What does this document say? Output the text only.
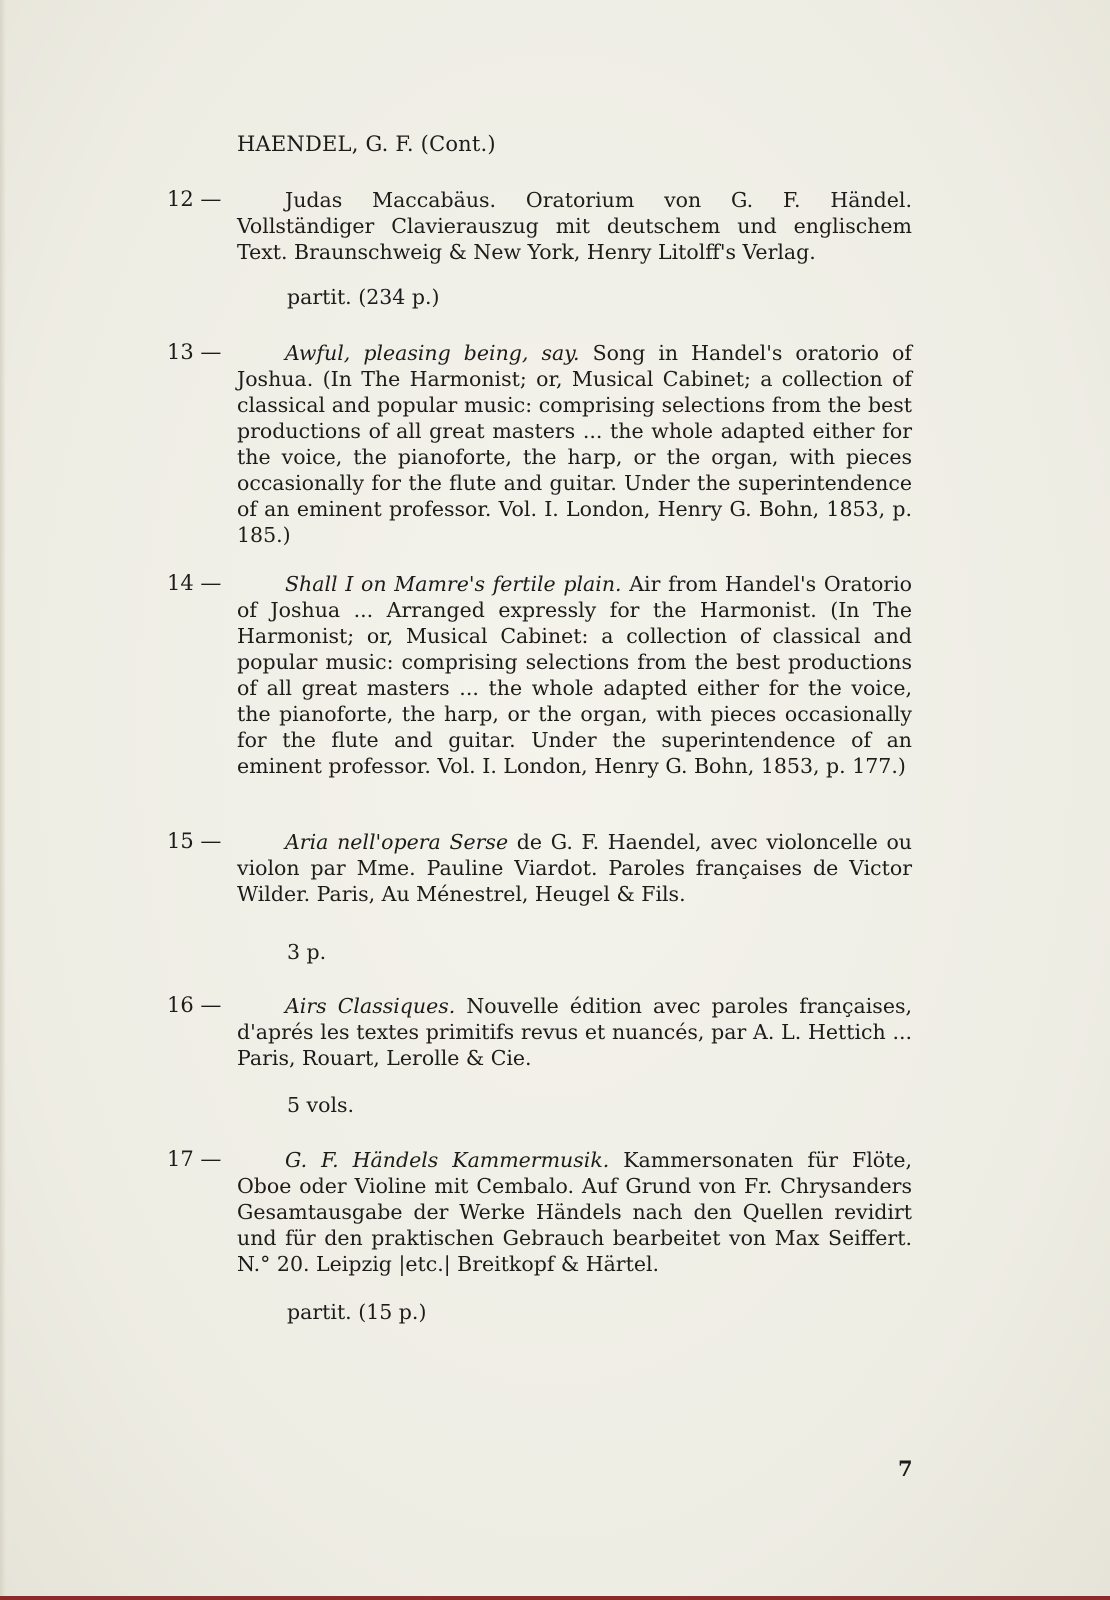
HAENDEL, G. F. (Cont.)
12 —	Judas Maccabäus. Oratorium von G. F. Händel. Vollständiger Clavierauszug mit deutschem und englischem Text. Braunschweig & New York, Henry Litolff's Verlag.
partit. (234 p.)
13 —	Awful, pleasing being, say. Song in Handel's oratorio of Joshua. (In The Harmonist; or, Musical Cabinet; a collection of classical and popular music: comprising selections from the best productions of all great masters ... the whole adapted either for the voice, the pianoforte, the harp, or the organ, with pieces occasionally for the flute and guitar. Under the superintendence of an eminent professor. Vol. I. London, Henry G. Bohn, 1853, p. 185.)
14 —	Shall I on Mamre's fertile plain. Air from Handel's Oratorio of Joshua ... Arranged expressly for the Harmonist. (In The Harmonist; or, Musical Cabinet: a collection of classical and popular music: comprising selections from the best productions of all great masters ... the whole adapted either for the voice, the pianoforte, the harp, or the organ, with pieces occasionally for the flute and guitar. Under the superintendence of an eminent professor. Vol. I. London, Henry G. Bohn, 1853, p. 177.)
15 —	Aria nell'opera Serse de G. F. Haendel, avec violoncelle ou violon par Mme. Pauline Viardot. Paroles françaises de Victor Wilder. Paris, Au Ménestrel, Heugel & Fils.
3 p.
16 —	Airs Classiques. Nouvelle édition avec paroles françaises, d'aprés les textes primitifs revus et nuancés, par A. L. Hettich ... Paris, Rouart, Lerolle & Cie.
5 vols.
17 —	G. F. Händels Kammermusik. Kammersonaten für Flöte, Oboe oder Violine mit Cembalo. Auf Grund von Fr. Chrysanders Gesamtausgabe der Werke Händels nach den Quellen revidirt und für den praktischen Gebrauch bearbeitet von Max Seiffert. N.° 20. Leipzig |etc.| Breitkopf & Härtel.
partit. (15 p.)
7
